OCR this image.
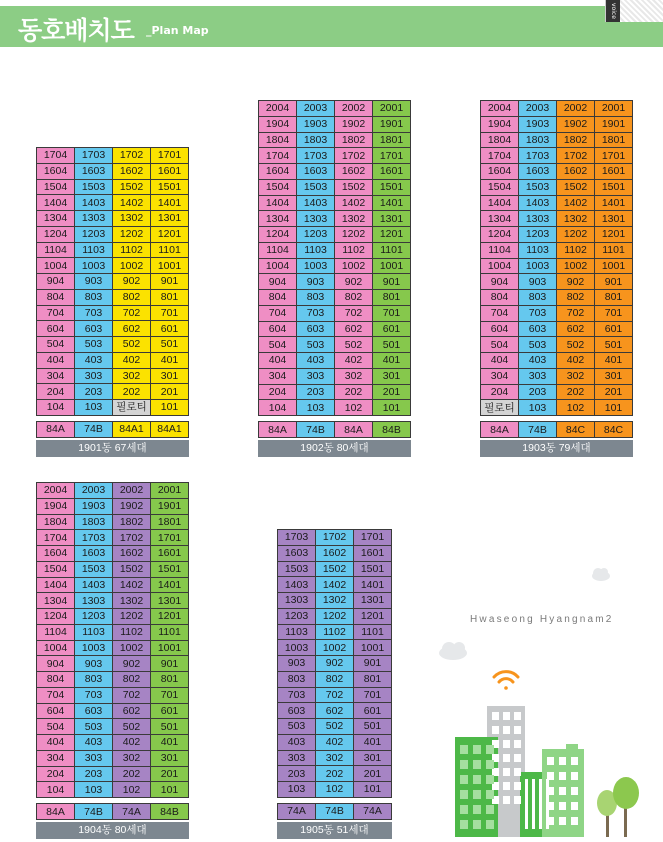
동호배치도 _Plan Map
voice
1704	1703	1702	1701
1604	1603	1602	1601
1504	1503	1502	1501
1404	1403	1402	1401
1304	1303	1302	1301
1204	1203	1202	1201
1104	1103	1102	1101
1004	1003	1002	1001
904	903	902	901
804	803	802	801
704	703	702	701
604	603	602	601
504	503	502	501
404	403	402	401
304	303	302	301
204	203	202	201
104	103	필로티	101
84A	74B	84A1	84A1
1901동 67세대
2004	2003	2002	2001
1904	1903	1902	1901
1804	1803	1802	1801
1704	1703	1702	1701
1604	1603	1602	1601
1504	1503	1502	1501
1404	1403	1402	1401
1304	1303	1302	1301
1204	1203	1202	1201
1104	1103	1102	1101
1004	1003	1002	1001
904	903	902	901
804	803	802	801
704	703	702	701
604	603	602	601
504	503	502	501
404	403	402	401
304	303	302	301
204	203	202	201
104	103	102	101
84A	74B	84A	84B
1902동 80세대
2004	2003	2002	2001
1904	1903	1902	1901
1804	1803	1802	1801
1704	1703	1702	1701
1604	1603	1602	1601
1504	1503	1502	1501
1404	1403	1402	1401
1304	1303	1302	1301
1204	1203	1202	1201
1104	1103	1102	1101
1004	1003	1002	1001
904	903	902	901
804	803	802	801
704	703	702	701
604	603	602	601
504	503	502	501
404	403	402	401
304	303	302	301
204	203	202	201
필로티	103	102	101
84A	74B	84C	84C
1903동 79세대
2004	2003	2002	2001
1904	1903	1902	1901
1804	1803	1802	1801
1704	1703	1702	1701
1604	1603	1602	1601
1504	1503	1502	1501
1404	1403	1402	1401
1304	1303	1302	1301
1204	1203	1202	1201
1104	1103	1102	1101
1004	1003	1002	1001
904	903	902	901
804	803	802	801
704	703	702	701
604	603	602	601
504	503	502	501
404	403	402	401
304	303	302	301
204	203	202	201
104	103	102	101
84A	74B	74A	84B
1904동 80세대
1703	1702	1701
1603	1602	1601
1503	1502	1501
1403	1402	1401
1303	1302	1301
1203	1202	1201
1103	1102	1101
1003	1002	1001
903	902	901
803	802	801
703	702	701
603	602	601
503	502	501
403	402	401
303	302	301
203	202	201
103	102	101
74A	74B	74A
1905동 51세대
Hwaseong Hyangnam2
